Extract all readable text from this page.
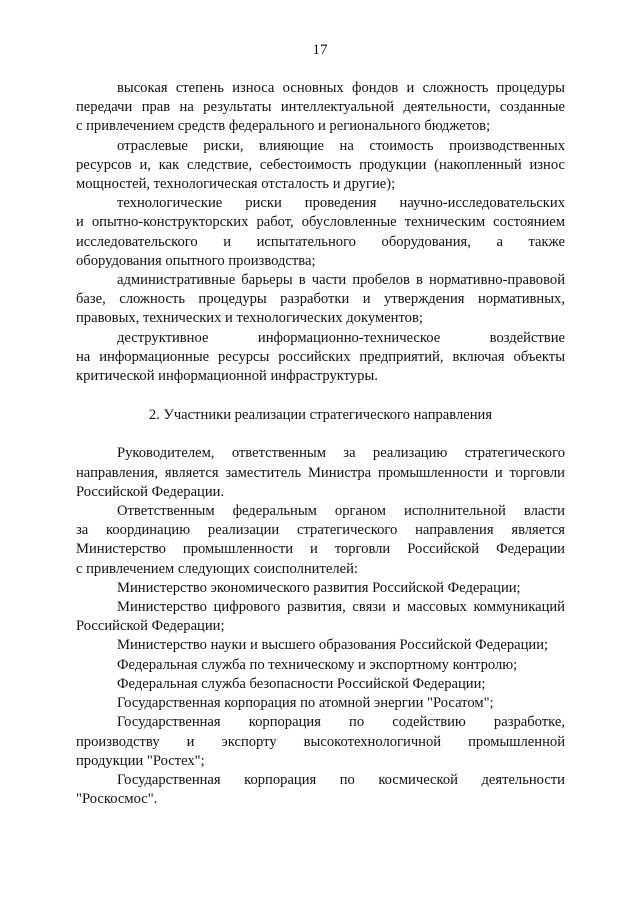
17
высокая степень износа основных фондов и сложность процедуры
передачи прав на результаты интеллектуальной деятельности, созданные
с привлечением средств федерального и регионального бюджетов;
отраслевые риски, влияющие на стоимость производственных
ресурсов и, как следствие, себестоимость продукции (накопленный износ
мощностей, технологическая отсталость и другие);
технологические риски проведения научно-исследовательских
и опытно-конструкторских работ, обусловленные техническим состоянием
исследовательского и испытательного оборудования, а также
оборудования опытного производства;
административные барьеры в части пробелов в нормативно-правовой
базе, сложность процедуры разработки и утверждения нормативных,
правовых, технических и технологических документов;
деструктивное информационно-техническое воздействие
на информационные ресурсы российских предприятий, включая объекты
критической информационной инфраструктуры.

2. Участники реализации стратегического направления

Руководителем, ответственным за реализацию стратегического
направления, является заместитель Министра промышленности и торговли
Российской Федерации.
Ответственным федеральным органом исполнительной власти
за координацию реализации стратегического направления является
Министерство промышленности и торговли Российской Федерации
с привлечением следующих соисполнителей:
Министерство экономического развития Российской Федерации;
Министерство цифрового развития, связи и массовых коммуникаций
Российской Федерации;
Министерство науки и высшего образования Российской Федерации;
Федеральная служба по техническому и экспортному контролю;
Федеральная служба безопасности Российской Федерации;
Государственная корпорация по атомной энергии "Росатом";
Государственная корпорация по содействию разработке,
производству и экспорту высокотехнологичной промышленной
продукции "Ростех";
Государственная корпорация по космической деятельности
"Роскосмос".
